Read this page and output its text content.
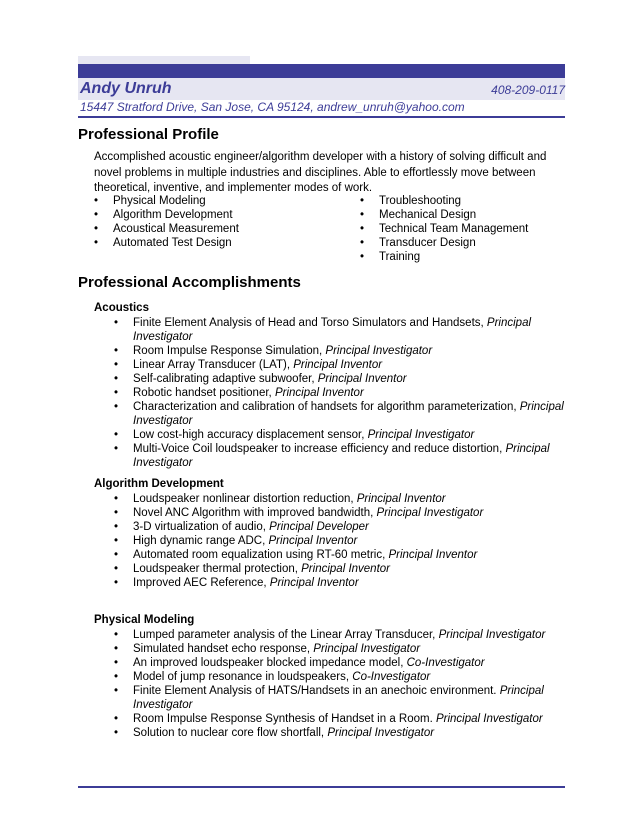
Andy Unruh	408-209-0117
15447 Stratford Drive, San Jose, CA 95124, andrew_unruh@yahoo.com
Professional Profile
Accomplished acoustic engineer/algorithm developer with a history of solving difficult and novel problems in multiple industries and disciplines. Able to effortlessly move between theoretical, inventive, and implementer modes of work.
• Physical Modeling
• Algorithm Development
• Acoustical Measurement
• Automated Test Design
• Troubleshooting
• Mechanical Design
• Technical Team Management
• Transducer Design
• Training
Professional Accomplishments
Acoustics
• Finite Element Analysis of Head and Torso Simulators and Handsets, Principal Investigator
• Room Impulse Response Simulation, Principal Investigator
• Linear Array Transducer (LAT), Principal Inventor
• Self-calibrating adaptive subwoofer, Principal Inventor
• Robotic handset positioner, Principal Inventor
• Characterization and calibration of handsets for algorithm parameterization, Principal Investigator
• Low cost-high accuracy displacement sensor, Principal Investigator
• Multi-Voice Coil loudspeaker to increase efficiency and reduce distortion, Principal Investigator
Algorithm Development
• Loudspeaker nonlinear distortion reduction, Principal Inventor
• Novel ANC Algorithm with improved bandwidth, Principal Investigator
• 3-D virtualization of audio, Principal Developer
• High dynamic range ADC, Principal Inventor
• Automated room equalization using RT-60 metric, Principal Inventor
• Loudspeaker thermal protection, Principal Inventor
• Improved AEC Reference, Principal Inventor
Physical Modeling
• Lumped parameter analysis of the Linear Array Transducer, Principal Investigator
• Simulated handset echo response, Principal Investigator
• An improved loudspeaker blocked impedance model, Co-Investigator
• Model of jump resonance in loudspeakers, Co-Investigator
• Finite Element Analysis of HATS/Handsets in an anechoic environment. Principal Investigator
• Room Impulse Response Synthesis of Handset in a Room. Principal Investigator
• Solution to nuclear core flow shortfall, Principal Investigator
